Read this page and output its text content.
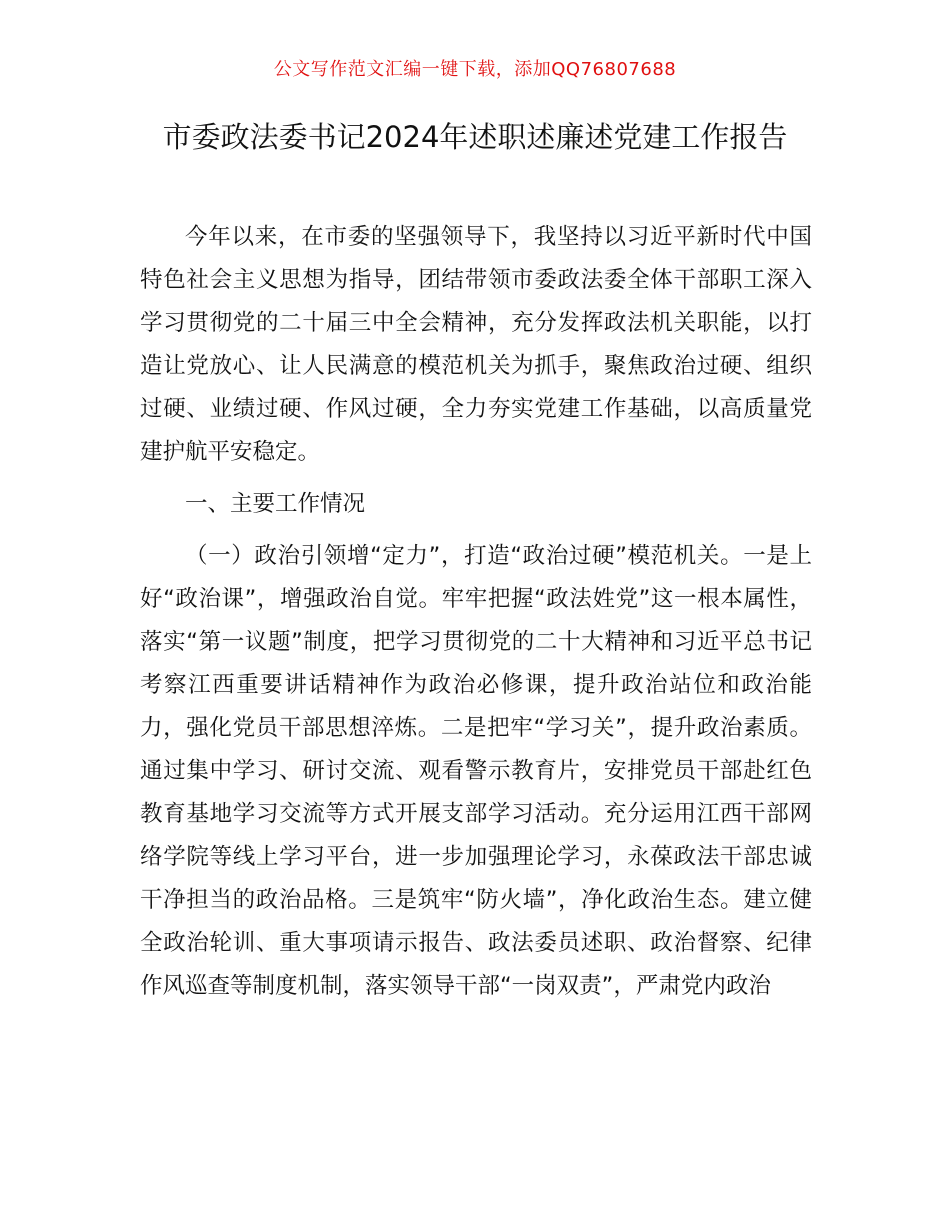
公文写作范文汇编一键下载，添加QQ76807688
市委政法委书记2024年述职述廉述党建工作报告

今年以来，在市委的坚强领导下，我坚持以习近平新时代中国特色社会主义思想为指导，团结带领市委政法委全体干部职工深入学习贯彻党的二十届三中全会精神，充分发挥政法机关职能，以打造让党放心、让人民满意的模范机关为抓手，聚焦政治过硬、组织过硬、业绩过硬、作风过硬，全力夯实党建工作基础，以高质量党建护航平安稳定。

一、主要工作情况

（一）政治引领增“定力”，打造“政治过硬”模范机关。一是上好“政治课”，增强政治自觉。牢牢把握“政法姓党”这一根本属性，落实“第一议题”制度，把学习贯彻党的二十大精神和习近平总书记考察江西重要讲话精神作为政治必修课，提升政治站位和政治能力，强化党员干部思想淬炼。二是把牢“学习关”，提升政治素质。通过集中学习、研讨交流、观看警示教育片，安排党员干部赴红色教育基地学习交流等方式开展支部学习活动。充分运用江西干部网络学院等线上学习平台，进一步加强理论学习，永葆政法干部忠诚干净担当的政治品格。三是筑牢“防火墙”，净化政治生态。建立健全政治轮训、重大事项请示报告、政法委员述职、政治督察、纪律作风巡查等制度机制，落实领导干部“一岗双责”，严肃党内政治
